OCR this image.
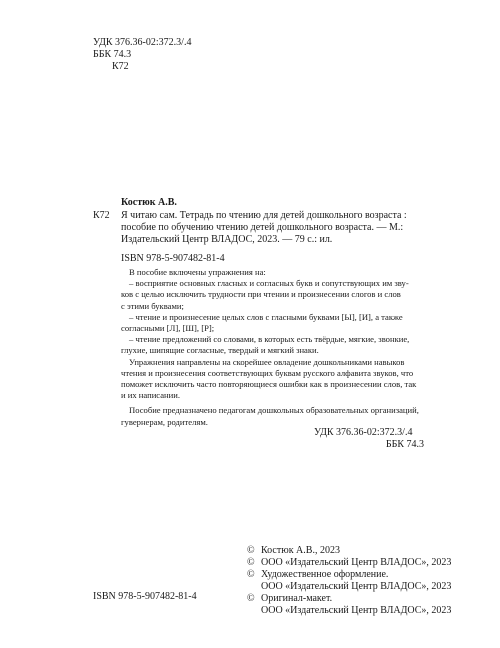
УДК 376.36-02:372.3/.4
ББК 74.3
К72
Костюк А.В.
К72 Я читаю сам. Тетрадь по чтению для детей дошкольного возраста :
пособие по обучению чтению детей дошкольного возраста. — М.:
Издательский Центр ВЛАДОС, 2023. — 79 с.: ил.
ISBN 978-5-907482-81-4
В пособие включены упражнения на:
– восприятие основных гласных и согласных букв и сопутствующих им зву-
ков с целью исключить трудности при чтении и произнесении слогов и слов
с этими буквами;
– чтение и произнесение целых слов с гласными буквами [Ы], [И], а также
согласными [Л], [Ш], [Р];
– чтение предложений со словами, в которых есть твёрдые, мягкие, звонкие,
глухие, шипящие согласные, твердый и мягкий знаки.
Упражнения направлены на скорейшее овладение дошкольниками навыков
чтения и произнесения соответствующих буквам русского алфавита звуков, что
поможет исключить часто повторяющиеся ошибки как в произнесении слов, так
и их написании.
Пособие предназначено педагогам дошкольных образовательных организаций,
гувернерам, родителям.
УДК 376.36-02:372.3/.4
ББК 74.3
© Костюк А.В., 2023
© ООО «Издательский Центр ВЛАДОС», 2023
© Художественное оформление.
ООО «Издательский Центр ВЛАДОС», 2023
© Оригинал-макет.
ООО «Издательский Центр ВЛАДОС», 2023
ISBN 978-5-907482-81-4
